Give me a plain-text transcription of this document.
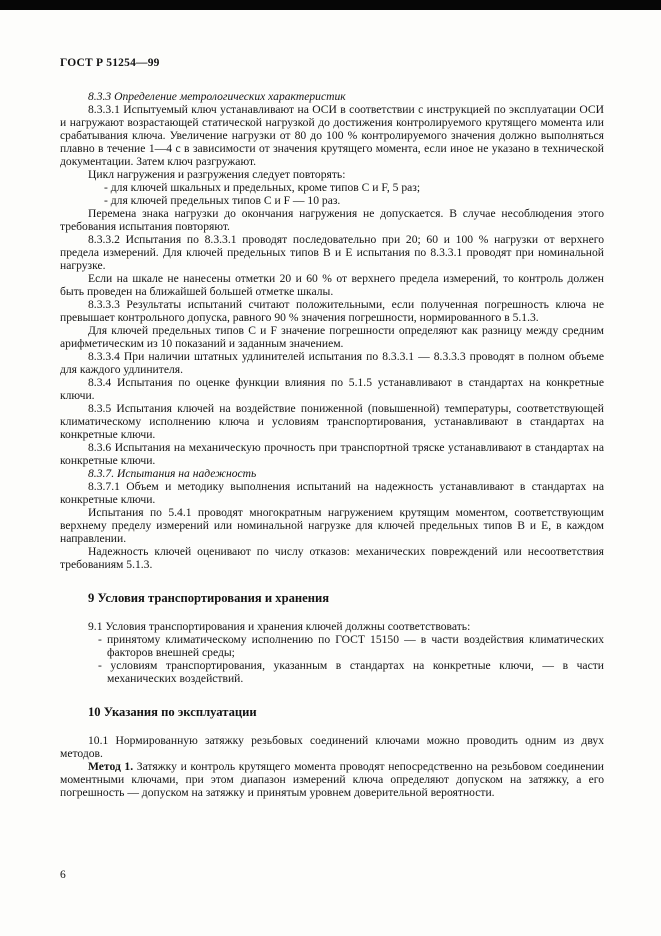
ГОСТ Р 51254—99

8.3.3 Определение метрологических характеристик

8.3.3.1 Испытуемый ключ устанавливают на ОСИ в соответствии с инструкцией по эксплуатации ОСИ и нагружают возрастающей статической нагрузкой до достижения контролируемого крутящего момента или срабатывания ключа. Увеличение нагрузки от 80 до 100 % контролируемого значения должно выполняться плавно в течение 1—4 с в зависимости от значения крутящего момента, если иное не указано в технической документации. Затем ключ разгружают.

Цикл нагружения и разгружения следует повторять:

- для ключей шкальных и предельных, кроме типов С и F, 5 раз;

- для ключей предельных типов С и F — 10 раз.

Перемена знака нагрузки до окончания нагружения не допускается. В случае несоблюдения этого требования испытания повторяют.

8.3.3.2 Испытания по 8.3.3.1 проводят последовательно при 20; 60 и 100 % нагрузки от верхнего предела измерений. Для ключей предельных типов В и Е испытания по 8.3.3.1 проводят при номинальной нагрузке.

Если на шкале не нанесены отметки 20 и 60 % от верхнего предела измерений, то контроль должен быть проведен на ближайшей большей отметке шкалы.

8.3.3.3 Результаты испытаний считают положительными, если полученная погрешность ключа не превышает контрольного допуска, равного 90 % значения погрешности, нормированного в 5.1.3.

Для ключей предельных типов С и F значение погрешности определяют как разницу между средним арифметическим из 10 показаний и заданным значением.

8.3.3.4 При наличии штатных удлинителей испытания по 8.3.3.1 — 8.3.3.3 проводят в полном объеме для каждого удлинителя.

8.3.4 Испытания по оценке функции влияния по 5.1.5 устанавливают в стандартах на конкретные ключи.

8.3.5 Испытания ключей на воздействие пониженной (повышенной) температуры, соответствующей климатическому исполнению ключа и условиям транспортирования, устанавливают в стандартах на конкретные ключи.

8.3.6 Испытания на механическую прочность при транспортной тряске устанавливают в стандартах на конкретные ключи.

8.3.7. Испытания на надежность

8.3.7.1 Объем и методику выполнения испытаний на надежность устанавливают в стандартах на конкретные ключи.

Испытания по 5.4.1 проводят многократным нагружением крутящим моментом, соответствующим верхнему пределу измерений или номинальной нагрузке для ключей предельных типов В и Е, в каждом направлении.

Надежность ключей оценивают по числу отказов: механических повреждений или несоответствия требованиям 5.1.3.

9 Условия транспортирования и хранения

9.1 Условия транспортирования и хранения ключей должны соответствовать:

- принятому климатическому исполнению по ГОСТ 15150 — в части воздействия климатических факторов внешней среды;

- условиям транспортирования, указанным в стандартах на конкретные ключи, — в части механических воздействий.

10 Указания по эксплуатации

10.1 Нормированную затяжку резьбовых соединений ключами можно проводить одним из двух методов.

Метод 1. Затяжку и контроль крутящего момента проводят непосредственно на резьбовом соединении моментными ключами, при этом диапазон измерений ключа определяют допуском на затяжку, а его погрешность — допуском на затяжку и принятым уровнем доверительной вероятности.

6
